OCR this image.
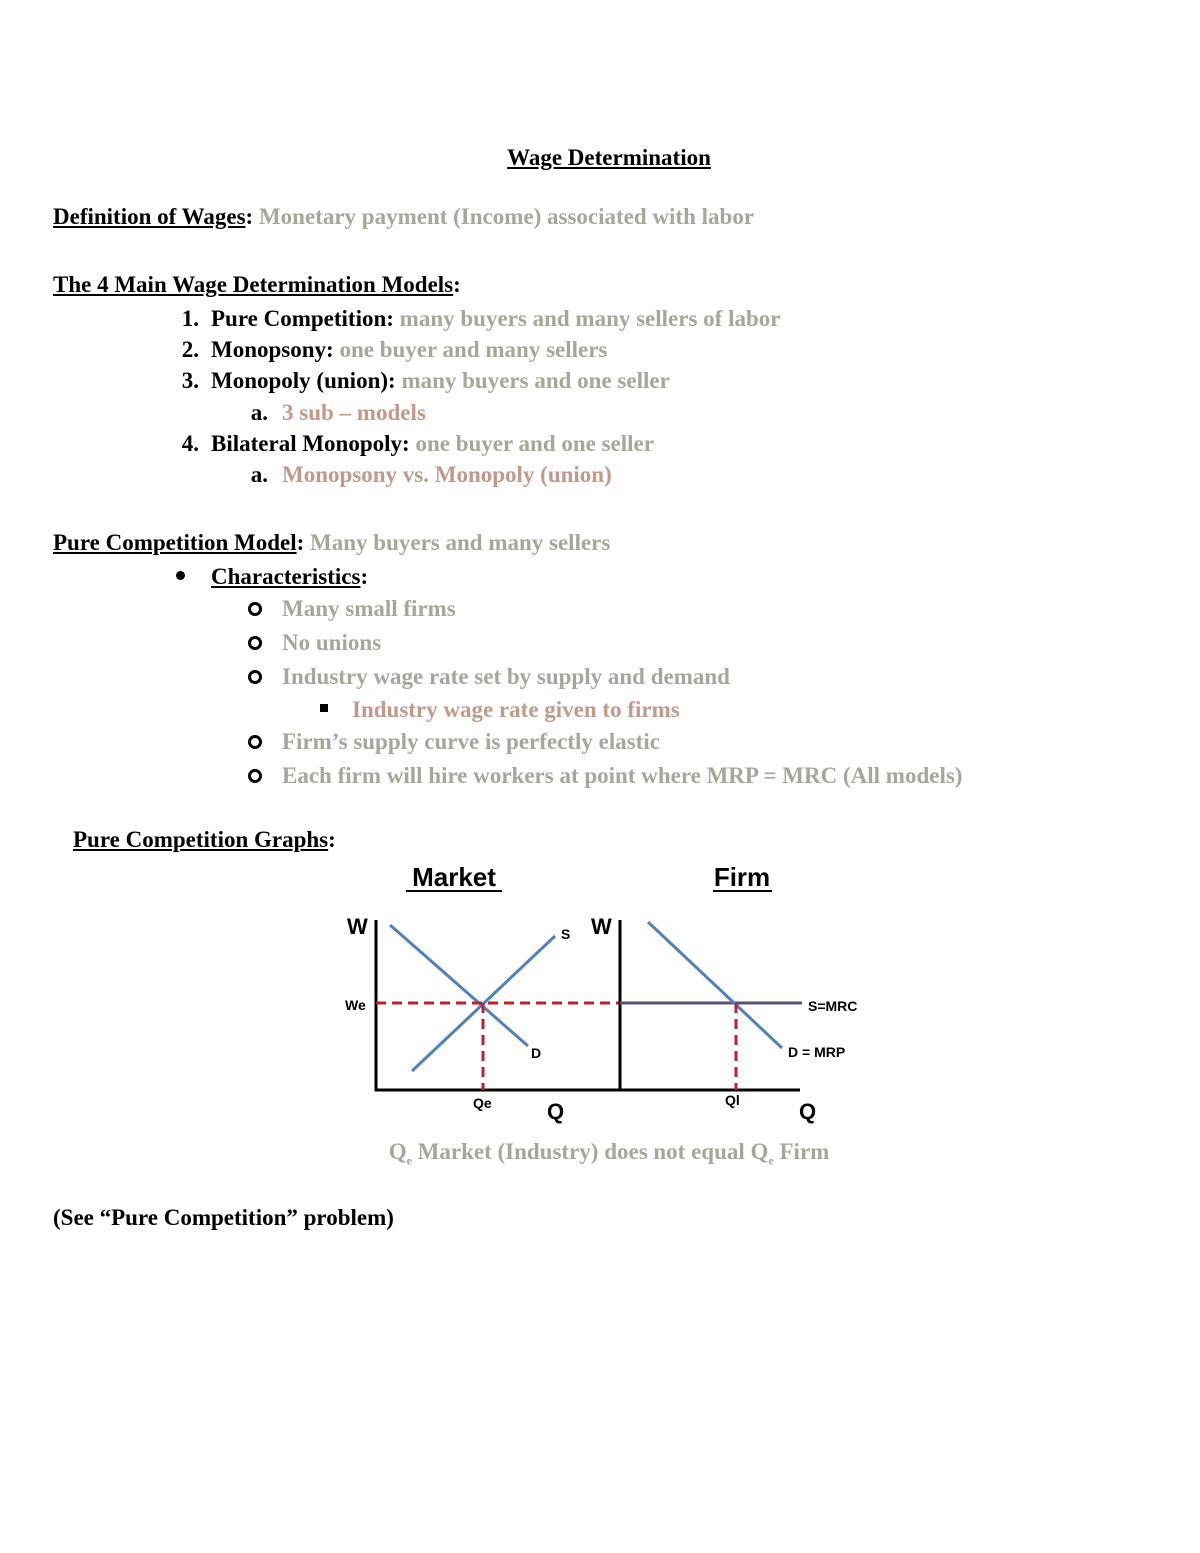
Wage Determination
Definition of Wages: Monetary payment (Income) associated with labor
The 4 Main Wage Determination Models:
1. Pure Competition: many buyers and many sellers of labor
2. Monopsony: one buyer and many sellers
3. Monopoly (union): many buyers and one seller
a. 3 sub – models
4. Bilateral Monopoly: one buyer and one seller
a. Monopsony vs. Monopoly (union)
Pure Competition Model: Many buyers and many sellers
Characteristics:
Many small firms
No unions
Industry wage rate set by supply and demand
Industry wage rate given to firms
Firm’s supply curve is perfectly elastic
Each firm will hire workers at point where MRP = MRC (All models)
Pure Competition Graphs:
Market	Firm
W
Q
S
D
We
Qe
W
Q
S=MRC
D = MRP
Ql
$Q_e$ Market (Industry) does not equal $Q_e$ Firm
(See “Pure Competition” problem)
